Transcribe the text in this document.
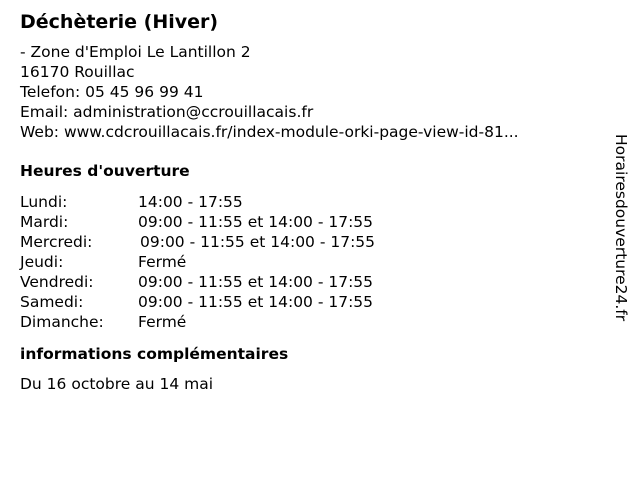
Déchèterie (Hiver)
- Zone d'Emploi Le Lantillon 2
16170 Rouillac
Telefon: 05 45 96 99 41
Email: administration@ccrouillacais.fr
Web: www.cdcrouillacais.fr/index-module-orki-page-view-id-81...
Heures d'ouverture
Lundi:	14:00 - 17:55
Mardi:	09:00 - 11:55 et 14:00 - 17:55
Mercredi:	09:00 - 11:55 et 14:00 - 17:55
Jeudi:	Fermé
Vendredi:	09:00 - 11:55 et 14:00 - 17:55
Samedi:	09:00 - 11:55 et 14:00 - 17:55
Dimanche:	Fermé
informations complémentaires
Du 16 octobre au 14 mai
Horairesdouverture24.fr
